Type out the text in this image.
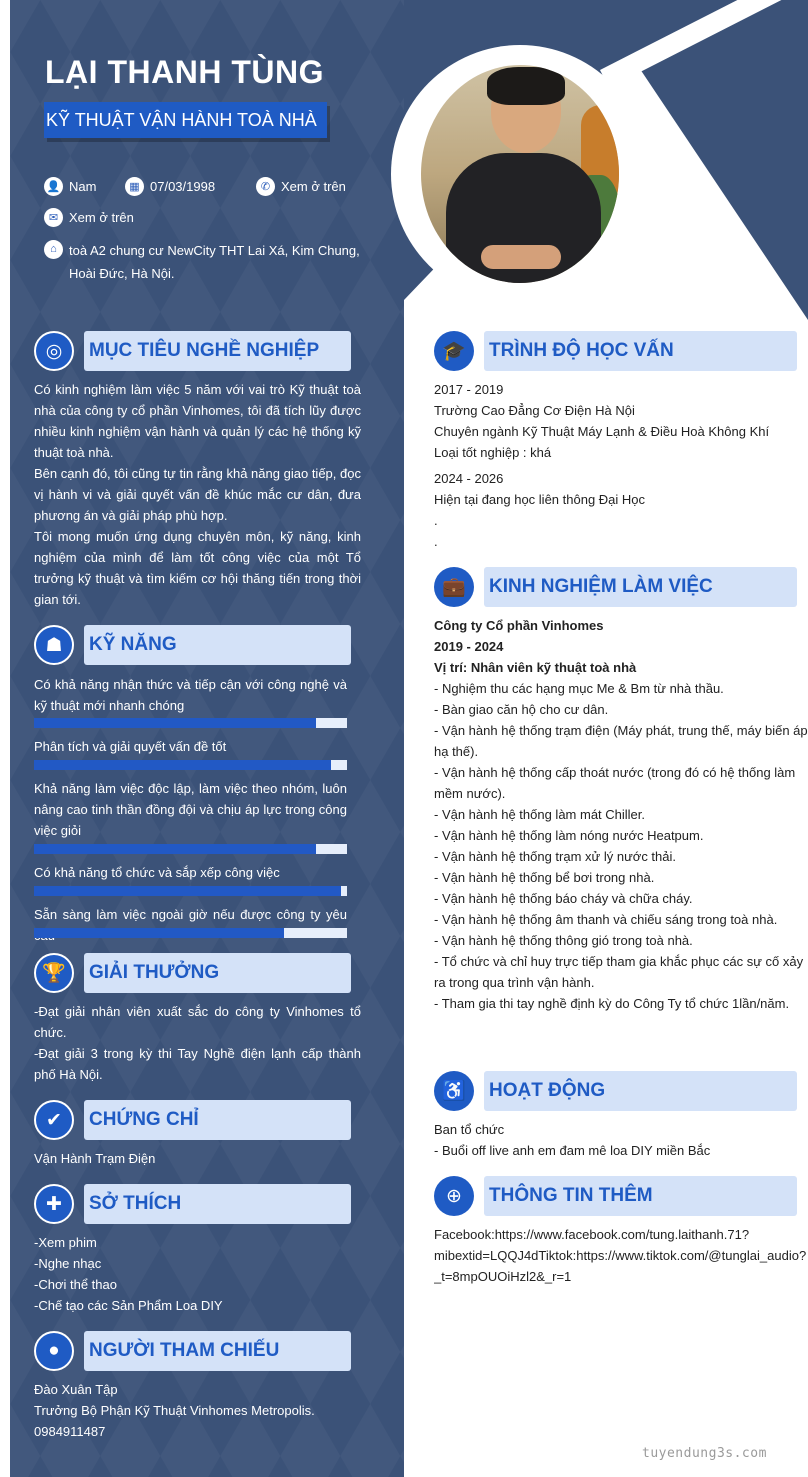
LẠI THANH TÙNG
KỸ THUẬT VẬN HÀNH TOÀ NHÀ
👤 Nam	▦ 07/03/1998	✆ Xem ở trên
✉ Xem ở trên
⌂ toà A2 chung cư NewCity THT Lai Xá, Kim Chung, Hoài Đức, Hà Nội.
◎	MỤC TIÊU NGHỀ NGHIỆP
Có kinh nghiệm làm việc 5 năm với vai trò Kỹ thuật toà nhà của công ty cổ phần Vinhomes, tôi đã tích lũy được nhiều kinh nghiệm vận hành và quản lý các hệ thống kỹ thuật toà nhà.
Bên cạnh đó, tôi cũng tự tin rằng khả năng giao tiếp, đọc vị hành vi và giải quyết vấn đề khúc mắc cư dân, đưa phương án và giải pháp phù hợp.
Tôi mong muốn ứng dụng chuyên môn, kỹ năng, kinh nghiệm của mình để làm tốt công việc của một Tổ trưởng kỹ thuật và tìm kiếm cơ hội thăng tiến trong thời gian tới.
☗	KỸ NĂNG
Có khả năng nhận thức và tiếp cận với công nghệ và kỹ thuật mới nhanh chóng
Phân tích và giải quyết vấn đề tốt
Khả năng làm việc độc lập, làm việc theo nhóm, luôn nâng cao tinh thần đồng đội và chịu áp lực trong công việc giỏi
Có khả năng tổ chức và sắp xếp công việc
Sẵn sàng làm việc ngoài giờ nếu được công ty yêu
🏆	GIẢI THƯỞNG
-Đạt giải nhân viên xuất sắc do công ty Vinhomes tổ chức.
-Đạt giải 3 trong kỳ thi Tay Nghề điện lạnh cấp thành phố Hà Nội.
✔	CHỨNG CHỈ
Vận Hành Trạm Điện
✚	SỞ THÍCH
-Xem phim
-Nghe nhạc
-Chơi thể thao
-Chế tạo các Sản Phẩm Loa DIY
●	NGƯỜI THAM CHIẾU
Đào Xuân Tập
Trưởng Bộ Phận Kỹ Thuật Vinhomes Metropolis.
0984911487
🎓	TRÌNH ĐỘ HỌC VẤN
2017 - 2019
Trường Cao Đẳng Cơ Điện Hà Nội
Chuyên ngành Kỹ Thuật Máy Lạnh & Điều Hoà Không Khí
Loại tốt nghiệp : khá
2024 - 2026
Hiện tại đang học liên thông Đại Học
.
.
💼	KINH NGHIỆM LÀM VIỆC
Công ty Cổ phần Vinhomes
2019 - 2024
Vị trí: Nhân viên kỹ thuật toà nhà
- Nghiệm thu các hạng mục Me & Bm từ nhà thầu.
- Bàn giao căn hộ cho cư dân.
- Vận hành hệ thống trạm điện (Máy phát, trung thế, máy biến áp hạ thế).
- Vận hành hệ thống cấp thoát nước (trong đó có hệ thống làm mềm nước).
- Vận hành hệ thống làm mát Chiller.
- Vận hành hệ thống làm nóng nước Heatpum.
- Vận hành hệ thống trạm xử lý nước thải.
- Vận hành hệ thống bể bơi trong nhà.
- Vận hành hệ thống báo cháy và chữa cháy.
- Vận hành hệ thống âm thanh và chiếu sáng trong toà nhà.
- Vận hành hệ thống thông gió trong toà nhà.
- Tổ chức và chỉ huy trực tiếp tham gia khắc phục các sự cố xảy ra trong qua trình vận hành.
- Tham gia thi tay nghề định kỳ do Công Ty tổ chức 1lần/năm.
♿	HOẠT ĐỘNG
Ban tổ chức
- Buổi off live anh em đam mê loa DIY miền Bắc
⊕	THÔNG TIN THÊM
Facebook:https://www.facebook.com/tung.laithanh.71?
mibextid=LQQJ4dTiktok:https://www.tiktok.com/@tunglai_audio?
_t=8mpOUOiHzl2&_r=1
tuyendung3s.com
